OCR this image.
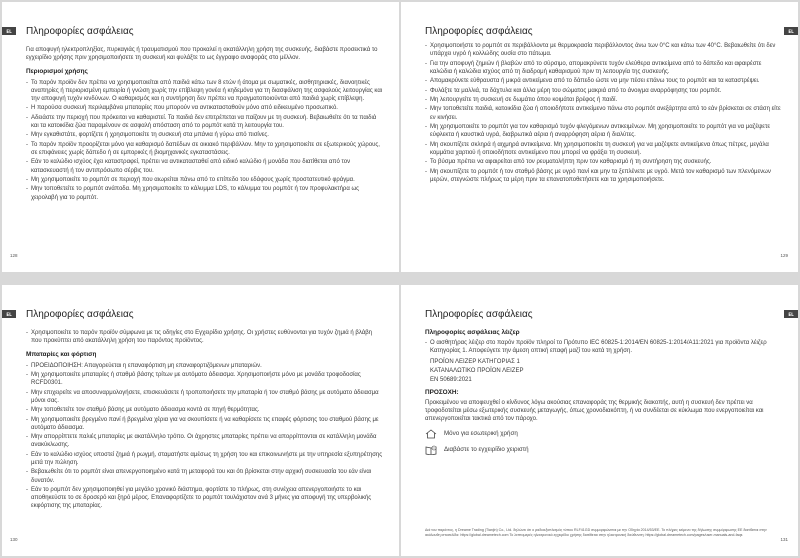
EL	Πληροφορίες ασφάλειας

Για αποφυγή ηλεκτροπληξίας, πυρκαγιάς ή τραυματισμού που προκαλεί η ακατάλληλη χρήση της συσκευής, διαβάστε προσεκτικά το εγχειρίδιο χρήσης πριν χρησιμοποιήσετε τη συσκευή και φυλάξτε το ως έγγραφο αναφοράς στο μέλλον.

Περιορισμοί χρήσης
- Το παρόν προϊόν δεν πρέπει να χρησιμοποιείται από παιδιά κάτω των 8 ετών ή άτομα με σωματικές, αισθητηριακές, διανοητικές αναπηρίες ή περιορισμένη εμπειρία ή γνώση χωρίς την επίβλεψη γονέα ή κηδεμόνα για τη διασφάλιση της ασφαλούς λειτουργίας και την αποφυγή τυχόν κινδύνων. Ο καθαρισμός και η συντήρηση δεν πρέπει να πραγματοποιούνται από παιδιά χωρίς επίβλεψη.
- Η παρούσα συσκευή περιλαμβάνει μπαταρίες που μπορούν να αντικατασταθούν μόνο από ειδικευμένο προσωπικό.
- Αδειάστε την περιοχή που πρόκειται να καθαριστεί. Τα παιδιά δεν επιτρέπεται να παίζουν με τη συσκευή. Βεβαιωθείτε ότι τα παιδιά και τα κατοικίδια ζώα παραμένουν σε ασφαλή απόσταση από το ρομπότ κατά τη λειτουργία του.
- Μην εγκαθιστάτε, φορτίζετε ή χρησιμοποιείτε τη συσκευή στα μπάνια ή γύρω από πισίνες.
- Το παρόν προϊόν προορίζεται μόνο για καθαρισμό δαπέδων σε οικιακό περιβάλλον. Μην το χρησιμοποιείτε σε εξωτερικούς χώρους, σε επιφάνειες χωρίς δάπεδο ή σε εμπορικές ή βιομηχανικές εγκαταστάσεις.
- Εάν το καλώδιο ισχύος έχει καταστραφεί, πρέπει να αντικατασταθεί από ειδικό καλώδιο ή μονάδα που διατίθεται από τον κατασκευαστή ή τον αντιπρόσωπο σέρβις του.
- Μη χρησιμοποιείτε το ρομπότ σε περιοχή που αιωρείται πάνω από το επίπεδο του εδάφους χωρίς προστατευτικό φράγμα.
- Μην τοποθετείτε το ρομπότ ανάποδα. Μη χρησιμοποιείτε το κάλυμμα LDS, το κάλυμμα του ρομπότ ή τον προφυλακτήρα ως χειρολαβή για το ρομπότ.
128
EL
Πληροφορίες ασφάλειας
- Χρησιμοποιήστε το ρομπότ σε περιβάλλοντα με θερμοκρασία περιβάλλοντος άνω των 0°C και κάτω των 40°C. Βεβαιωθείτε ότι δεν υπάρχει υγρό ή κολλώδης ουσία στο πάτωμα.
- Για την αποφυγή ζημιών ή βλαβών από το σύρσιμο, απομακρύνετε τυχόν ελεύθερα αντικείμενα από το δάπεδο και αφαιρέστε καλώδια ή καλώδια ισχύος από τη διαδρομή καθαρισμού πριν τη λειτουργία της συσκευής.
- Απομακρύνετε εύθραυστα ή μικρά αντικείμενα από το δάπεδο ώστε να μην πέσει επάνω τους το ρομπότ και τα καταστρέψει.
- Φυλάξτε τα μαλλιά, τα δάχτυλα και άλλα μέρη του σώματος μακριά από το άνοιγμα αναρρόφησης του ρομπότ.
- Μη λειτουργείτε τη συσκευή σε δωμάτιο όπου κοιμάται βρέφος ή παιδί.
- Μην τοποθετείτε παιδιά, κατοικίδια ζώα ή οποιοδήποτε αντικείμενο πάνω στο ρομπότ ανεξάρτητα από το εάν βρίσκεται σε στάση είτε εν κινήσει.
- Μη χρησιμοποιείτε το ρομπότ για τον καθαρισμό τυχόν φλεγόμενων αντικειμένων. Μη χρησιμοποιείτε το ρομπότ για να μαζέψετε εύφλεκτα ή καυστικά υγρά, διαβρωτικά αέρια ή αναρρόφηση αέρια ή διαλύτες.
- Μη σκουπίζετε σκληρά ή αιχμηρά αντικείμενα. Μη χρησιμοποιείτε τη συσκευή για να μαζέψετε αντικείμενα όπως πέτρες, μεγάλα κομμάτια χαρτιού ή οποιοδήποτε αντικείμενο που μπορεί να φράξει τη συσκευή.
- Το βύσμα πρέπει να αφαιρείται από τον ρευματολήπτη πριν τον καθαρισμό ή τη συντήρηση της συσκευής.
- Μη σκουπίζετε το ρομπότ ή τον σταθμό βάσης με υγρό πανί και μην τα ξεπλένετε με υγρό. Μετά τον καθαρισμό των πλενόμενων μερών, στεγνώστε πλήρως τα μέρη πριν τα επανατοποθετήσετε και τα χρησιμοποιήσετε.
129
EL	Πληροφορίες ασφάλειας
- Χρησιμοποιείτε το παρόν προϊόν σύμφωνα με τις οδηγίες στο Εγχειρίδιο χρήσης. Οι χρήστες ευθύνονται για τυχόν ζημιά ή βλάβη που προκύπτει από ακατάλληλη χρήση του παρόντος προϊόντος.
Μπαταρίες και φόρτιση
- ΠΡΟΕΙΔΟΠΟΙΗΣΗ: Απαγορεύεται η επαναφόρτιση μη επαναφορτιζόμενων μπαταριών.
- Μη χρησιμοποιείτε μπαταρίες ή σταθμό βάσης τρίτων με αυτόματο άδειασμα. Χρησιμοποιήστε μόνο με μονάδα τροφοδοσίας RCFD0301.
- Μην επιχειρείτε να αποσυναρμολογήσετε, επισκευάσετε ή τροποποιήσετε την μπαταρία ή τον σταθμό βάσης με αυτόματο άδειασμα μόνοι σας.
- Μην τοποθετείτε τον σταθμό βάσης με αυτόματο άδειασμα κοντά σε πηγή θερμότητας.
- Μη χρησιμοποιείτε βρεγμένο πανί ή βρεγμένα χέρια για να σκουπίσετε ή να καθαρίσετε τις επαφές φόρτισης του σταθμού βάσης με αυτόματο άδειασμα.
- Μην απορρίπτετε παλιές μπαταρίες με ακατάλληλο τρόπο. Οι άχρηστες μπαταρίες πρέπει να απορρίπτονται σε κατάλληλη μονάδα ανακύκλωσης.
- Εάν το καλώδιο ισχύος υποστεί ζημιά ή ρωγμή, σταματήστε αμέσως τη χρήση του και επικοινωνήστε με την υπηρεσία εξυπηρέτησης μετά την πώληση.
- Βεβαιωθείτε ότι το ρομπότ είναι απενεργοποιημένο κατά τη μεταφορά του και ότι βρίσκεται στην αρχική συσκευασία του εάν είναι δυνατόν.
- Εάν το ρομπότ δεν χρησιμοποιηθεί για μεγάλο χρονικό διάστημα, φορτίστε το πλήρως, στη συνέχεια απενεργοποιήστε το και αποθηκεύστε το σε δροσερό και ξηρό μέρος. Επαναφορτίζετε το ρομπότ τουλάχιστον ανά 3 μήνες για αποφυγή της υπερβολικής εκφόρτισης της μπαταρίας.
130
EL
Πληροφορίες ασφάλειας
Πληροφορίες ασφάλειας λέιζερ
- Ο αισθητήρας λέιζερ στο παρόν προϊόν πληροί το Πρότυπο IEC 60825-1:2014/EN 60825-1:2014/A11:2021 για προϊόντα λέιζερ Κατηγορίας 1. Αποφεύγετε την άμεση οπτική επαφή μαζί του κατά τη χρήση.
ΠΡΟΪΟΝ ΛΕΙΖΕΡ ΚΑΤΗΓΟΡΙΑΣ 1
ΚΑΤΑΝΑΛΩΤΙΚΟ ΠΡΟΪΟΝ ΛΕΙΖΕΡ
EN 50689:2021
ΠΡΟΣΟΧΗ:

Προκειμένου να αποφευχθεί ο κίνδυνος λόγω ακούσιας επαναφοράς της θερμικής διακοπής, αυτή η συσκευή δεν πρέπει να τροφοδοτείται μέσω εξωτερικής συσκευής μεταγωγής, όπως χρονοδιακόπτη, ή να συνδέεται σε κύκλωμα που ενεργοποιείται και απενεργοποιείται τακτικά από τον πάροχο.

Μόνο για εσωτερική χρήση
Διαβάστε το εγχειρίδιο χειριστή
Διά του παρόντος, η Dreame Trading (Tianjin) Co., Ltd. δηλώνει ότι ο ραδιοεξοπλισμός τύπου RLF41GD συμμορφώνεται με την Οδηγία 2014/53/ΕΕ. Το πλήρες κείμενο της δήλωσης συμμόρφωσης ΕΕ διατίθεται στην ακόλουθη ιστοσελίδα: https://global.dreametech.com Το λεπτομερές ηλεκτρονικό εγχειρίδιο χρήσης διατίθεται στην ηλεκτρονική διεύθυνση: https://global.dreametech.com/pages/user-manuals-and-faqs
131
